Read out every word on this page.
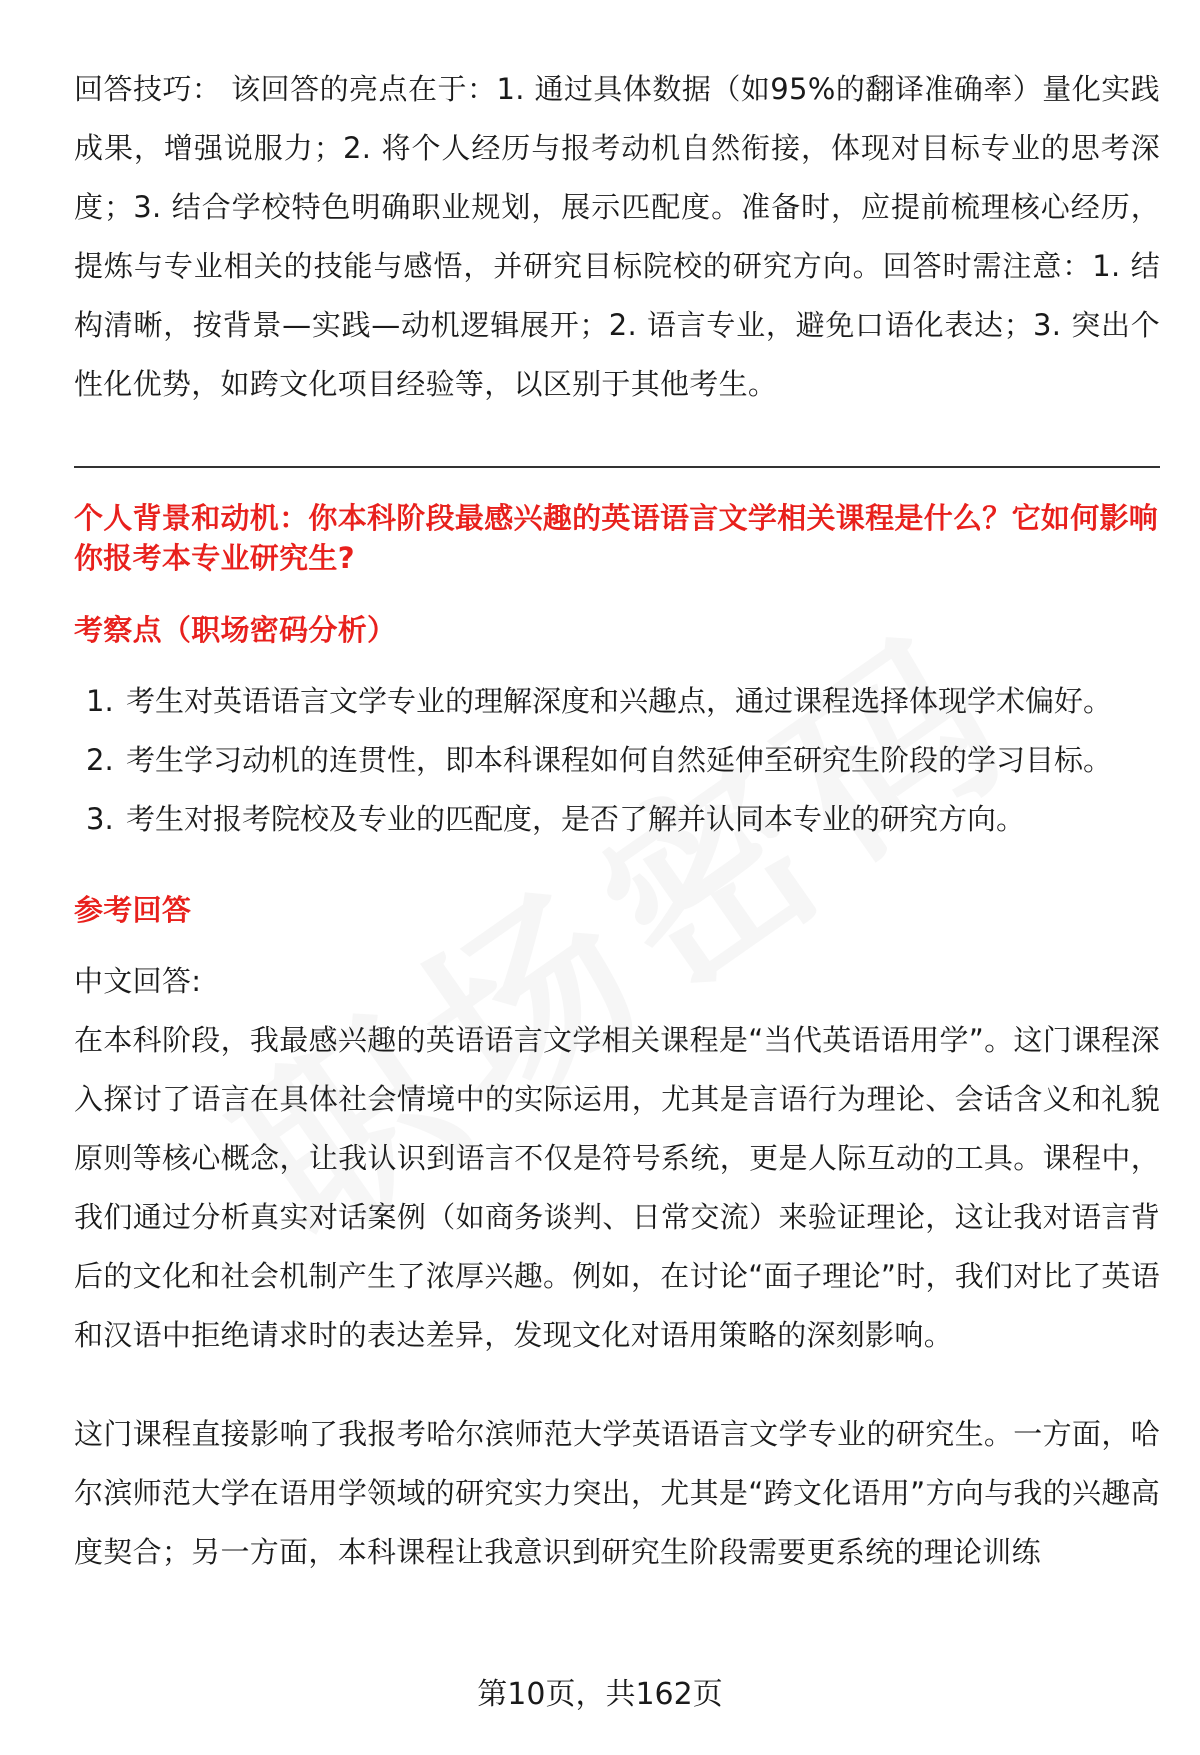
回答技巧： 该回答的亮点在于：1. 通过具体数据（如95%的翻译准确率）量化实践成果，增强说服力；2. 将个人经历与报考动机自然衔接，体现对目标专业的思考深度；3. 结合学校特色明确职业规划，展示匹配度。准备时，应提前梳理核心经历，提炼与专业相关的技能与感悟，并研究目标院校的研究方向。回答时需注意：1. 结构清晰，按背景—实践—动机逻辑展开；2. 语言专业，避免口语化表达；3. 突出个性化优势，如跨文化项目经验等，以区别于其他考生。

个人背景和动机：你本科阶段最感兴趣的英语语言文学相关课程是什么？它如何影响你报考本专业研究生?

考察点（职场密码分析）

1. 考生对英语语言文学专业的理解深度和兴趣点，通过课程选择体现学术偏好。
2. 考生学习动机的连贯性，即本科课程如何自然延伸至研究生阶段的学习目标。
3. 考生对报考院校及专业的匹配度，是否了解并认同本专业的研究方向。

参考回答

中文回答:

在本科阶段，我最感兴趣的英语语言文学相关课程是“当代英语语用学”。这门课程深入探讨了语言在具体社会情境中的实际运用，尤其是言语行为理论、会话含义和礼貌原则等核心概念，让我认识到语言不仅是符号系统，更是人际互动的工具。课程中，我们通过分析真实对话案例（如商务谈判、日常交流）来验证理论，这让我对语言背后的文化和社会机制产生了浓厚兴趣。例如，在讨论“面子理论”时，我们对比了英语和汉语中拒绝请求时的表达差异，发现文化对语用策略的深刻影响。

这门课程直接影响了我报考哈尔滨师范大学英语语言文学专业的研究生。一方面，哈尔滨师范大学在语用学领域的研究实力突出，尤其是“跨文化语用”方向与我的兴趣高度契合；另一方面，本科课程让我意识到研究生阶段需要更系统的理论训练

第10页，共162页
